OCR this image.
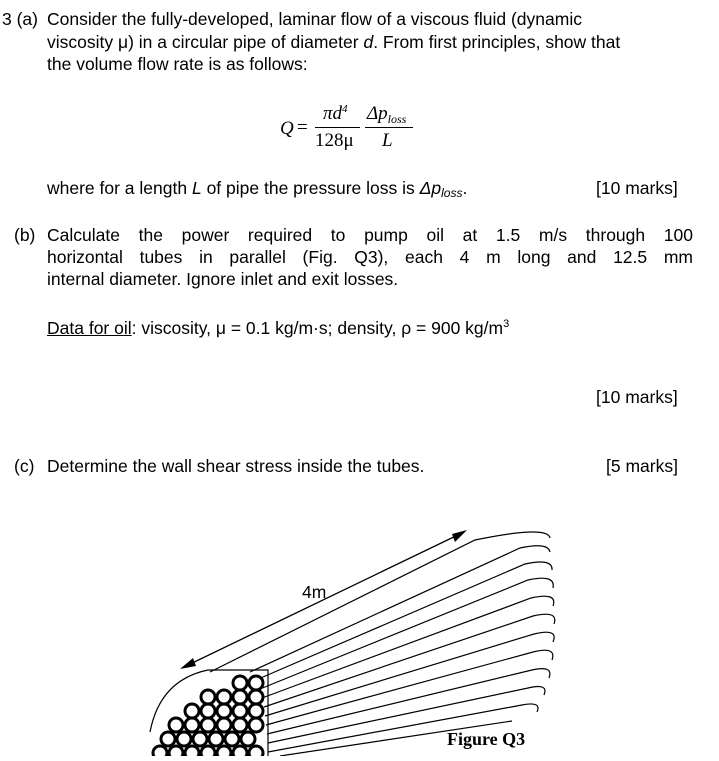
3 (a) Consider the fully-developed, laminar flow of a viscous fluid (dynamic
viscosity μ) in a circular pipe of diameter d. From first principles, show that
the volume flow rate is as follows:
Q =
$\pi d^4$
128μ
$\Delta p_{loss}$
L
where for a length L of pipe the pressure loss is Δploss.	[10 marks]
(b) Calculate the power required to pump oil at 1.5 m/s through 100
horizontal tubes in parallel (Fig. Q3), each 4 m long and 12.5 mm
internal diameter. Ignore inlet and exit losses.
Data for oil: viscosity, μ = 0.1 kg/m·s; density, ρ = 900 $kg/m^3$
[10 marks]
(c) Determine the wall shear stress inside the tubes.	[5 marks]
4m
Figure Q3
